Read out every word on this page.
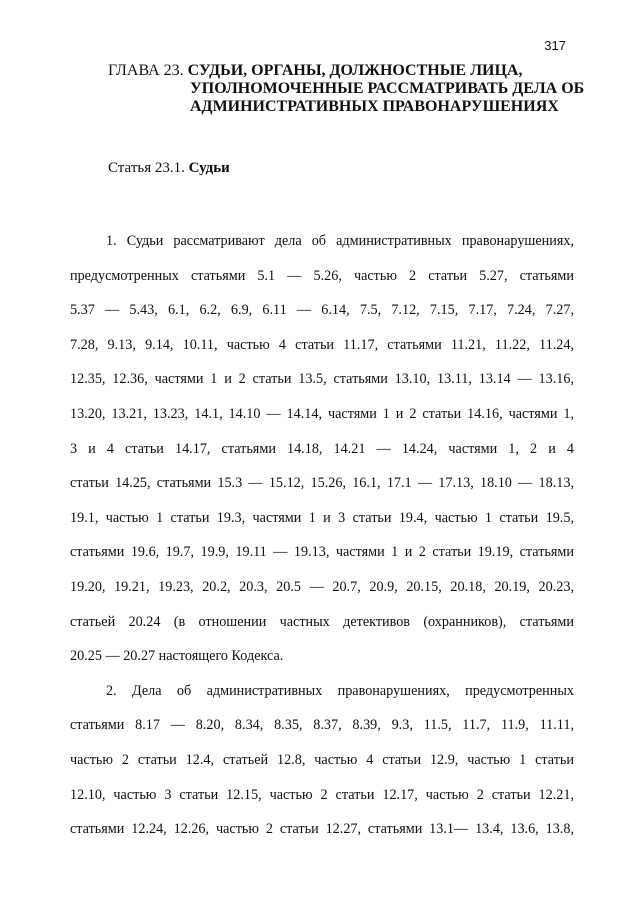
317
ГЛАВА 23. СУДЬИ, ОРГАНЫ, ДОЛЖНОСТНЫЕ ЛИЦА,
УПОЛНОМОЧЕННЫЕ РАССМАТРИВАТЬ ДЕЛА ОБ
АДМИНИСТРАТИВНЫХ ПРАВОНАРУШЕНИЯХ
Статья 23.1. Судьи
1. Судьи рассматривают дела об административных правонарушениях,
предусмотренных статьями 5.1 — 5.26, частью 2 статьи 5.27, статьями
5.37 — 5.43, 6.1, 6.2, 6.9, 6.11 — 6.14, 7.5, 7.12, 7.15, 7.17, 7.24, 7.27,
7.28, 9.13, 9.14, 10.11, частью 4 статьи 11.17, статьями 11.21, 11.22, 11.24,
12.35, 12.36, частями 1 и 2 статьи 13.5, статьями 13.10, 13.11, 13.14 — 13.16,
13.20, 13.21, 13.23, 14.1, 14.10 — 14.14, частями 1 и 2 статьи 14.16, частями 1,
3 и 4 статьи 14.17, статьями 14.18, 14.21 — 14.24, частями 1, 2 и 4
статьи 14.25, статьями 15.3 — 15.12, 15.26, 16.1, 17.1 — 17.13, 18.10 — 18.13,
19.1, частью 1 статьи 19.3, частями 1 и 3 статьи 19.4, частью 1 статьи 19.5,
статьями 19.6, 19.7, 19.9, 19.11 — 19.13, частями 1 и 2 статьи 19.19, статьями
19.20, 19.21, 19.23, 20.2, 20.3, 20.5 — 20.7, 20.9, 20.15, 20.18, 20.19, 20.23,
статьей 20.24 (в отношении частных детективов (охранников), статьями
20.25 — 20.27 настоящего Кодекса.
2. Дела об административных правонарушениях, предусмотренных
статьями 8.17 — 8.20, 8.34, 8.35, 8.37, 8.39, 9.3, 11.5, 11.7, 11.9, 11.11,
частью 2 статьи 12.4, статьей 12.8, частью 4 статьи 12.9, частью 1 статьи
12.10, частью 3 статьи 12.15, частью 2 статьи 12.17, частью 2 статьи 12.21,
статьями 12.24, 12.26, частью 2 статьи 12.27, статьями 13.1— 13.4, 13.6, 13.8,
